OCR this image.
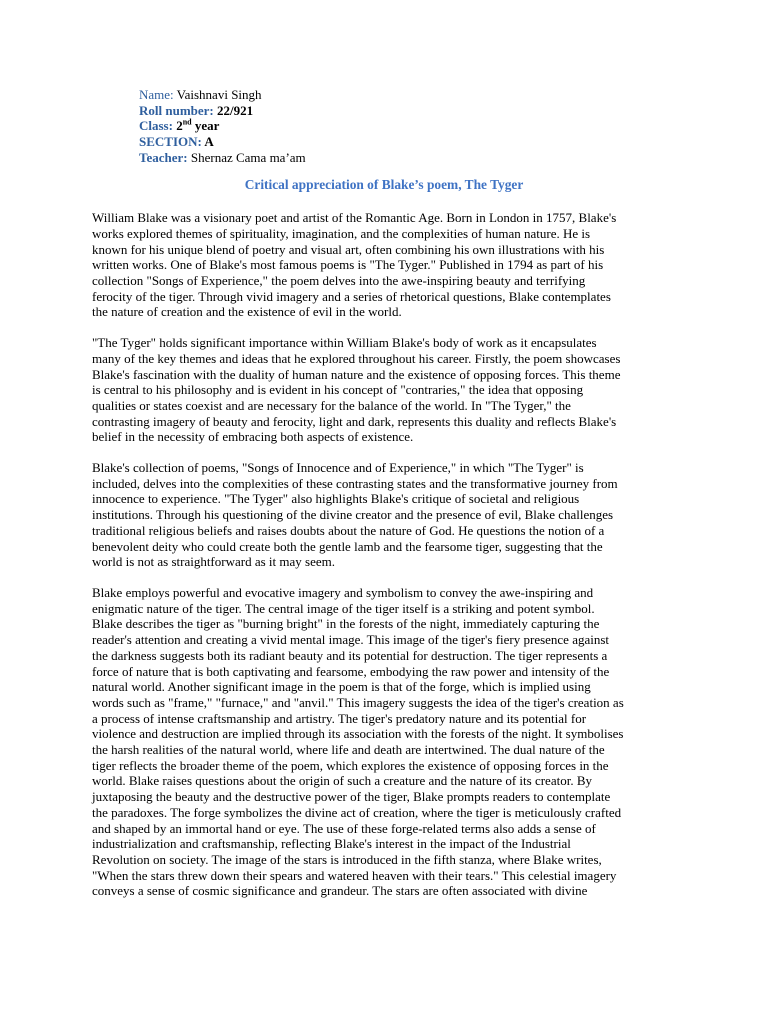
Name: Vaishnavi Singh
Roll number: 22/921
Class: 2nd year
SECTION: A
Teacher: Shernaz Cama ma’am
Critical appreciation of Blake’s poem, The Tyger
William Blake was a visionary poet and artist of the Romantic Age. Born in London in 1757, Blake's
works explored themes of spirituality, imagination, and the complexities of human nature. He is
known for his unique blend of poetry and visual art, often combining his own illustrations with his
written works. One of Blake's most famous poems is "The Tyger." Published in 1794 as part of his
collection "Songs of Experience," the poem delves into the awe-inspiring beauty and terrifying
ferocity of the tiger. Through vivid imagery and a series of rhetorical questions, Blake contemplates
the nature of creation and the existence of evil in the world.
"The Tyger" holds significant importance within William Blake's body of work as it encapsulates
many of the key themes and ideas that he explored throughout his career. Firstly, the poem showcases
Blake's fascination with the duality of human nature and the existence of opposing forces. This theme
is central to his philosophy and is evident in his concept of "contraries," the idea that opposing
qualities or states coexist and are necessary for the balance of the world. In "The Tyger," the
contrasting imagery of beauty and ferocity, light and dark, represents this duality and reflects Blake's
belief in the necessity of embracing both aspects of existence.
Blake's collection of poems, "Songs of Innocence and of Experience," in which "The Tyger" is
included, delves into the complexities of these contrasting states and the transformative journey from
innocence to experience. "The Tyger" also highlights Blake's critique of societal and religious
institutions. Through his questioning of the divine creator and the presence of evil, Blake challenges
traditional religious beliefs and raises doubts about the nature of God. He questions the notion of a
benevolent deity who could create both the gentle lamb and the fearsome tiger, suggesting that the
world is not as straightforward as it may seem.
Blake employs powerful and evocative imagery and symbolism to convey the awe-inspiring and
enigmatic nature of the tiger. The central image of the tiger itself is a striking and potent symbol.
Blake describes the tiger as "burning bright" in the forests of the night, immediately capturing the
reader's attention and creating a vivid mental image. This image of the tiger's fiery presence against
the darkness suggests both its radiant beauty and its potential for destruction. The tiger represents a
force of nature that is both captivating and fearsome, embodying the raw power and intensity of the
natural world. Another significant image in the poem is that of the forge, which is implied using
words such as "frame," "furnace," and "anvil." This imagery suggests the idea of the tiger's creation as
a process of intense craftsmanship and artistry. The tiger's predatory nature and its potential for
violence and destruction are implied through its association with the forests of the night. It symbolises
the harsh realities of the natural world, where life and death are intertwined. The dual nature of the
tiger reflects the broader theme of the poem, which explores the existence of opposing forces in the
world. Blake raises questions about the origin of such a creature and the nature of its creator. By
juxtaposing the beauty and the destructive power of the tiger, Blake prompts readers to contemplate
the paradoxes. The forge symbolizes the divine act of creation, where the tiger is meticulously crafted
and shaped by an immortal hand or eye. The use of these forge-related terms also adds a sense of
industrialization and craftsmanship, reflecting Blake's interest in the impact of the Industrial
Revolution on society. The image of the stars is introduced in the fifth stanza, where Blake writes,
"When the stars threw down their spears and watered heaven with their tears." This celestial imagery
conveys a sense of cosmic significance and grandeur. The stars are often associated with divine
